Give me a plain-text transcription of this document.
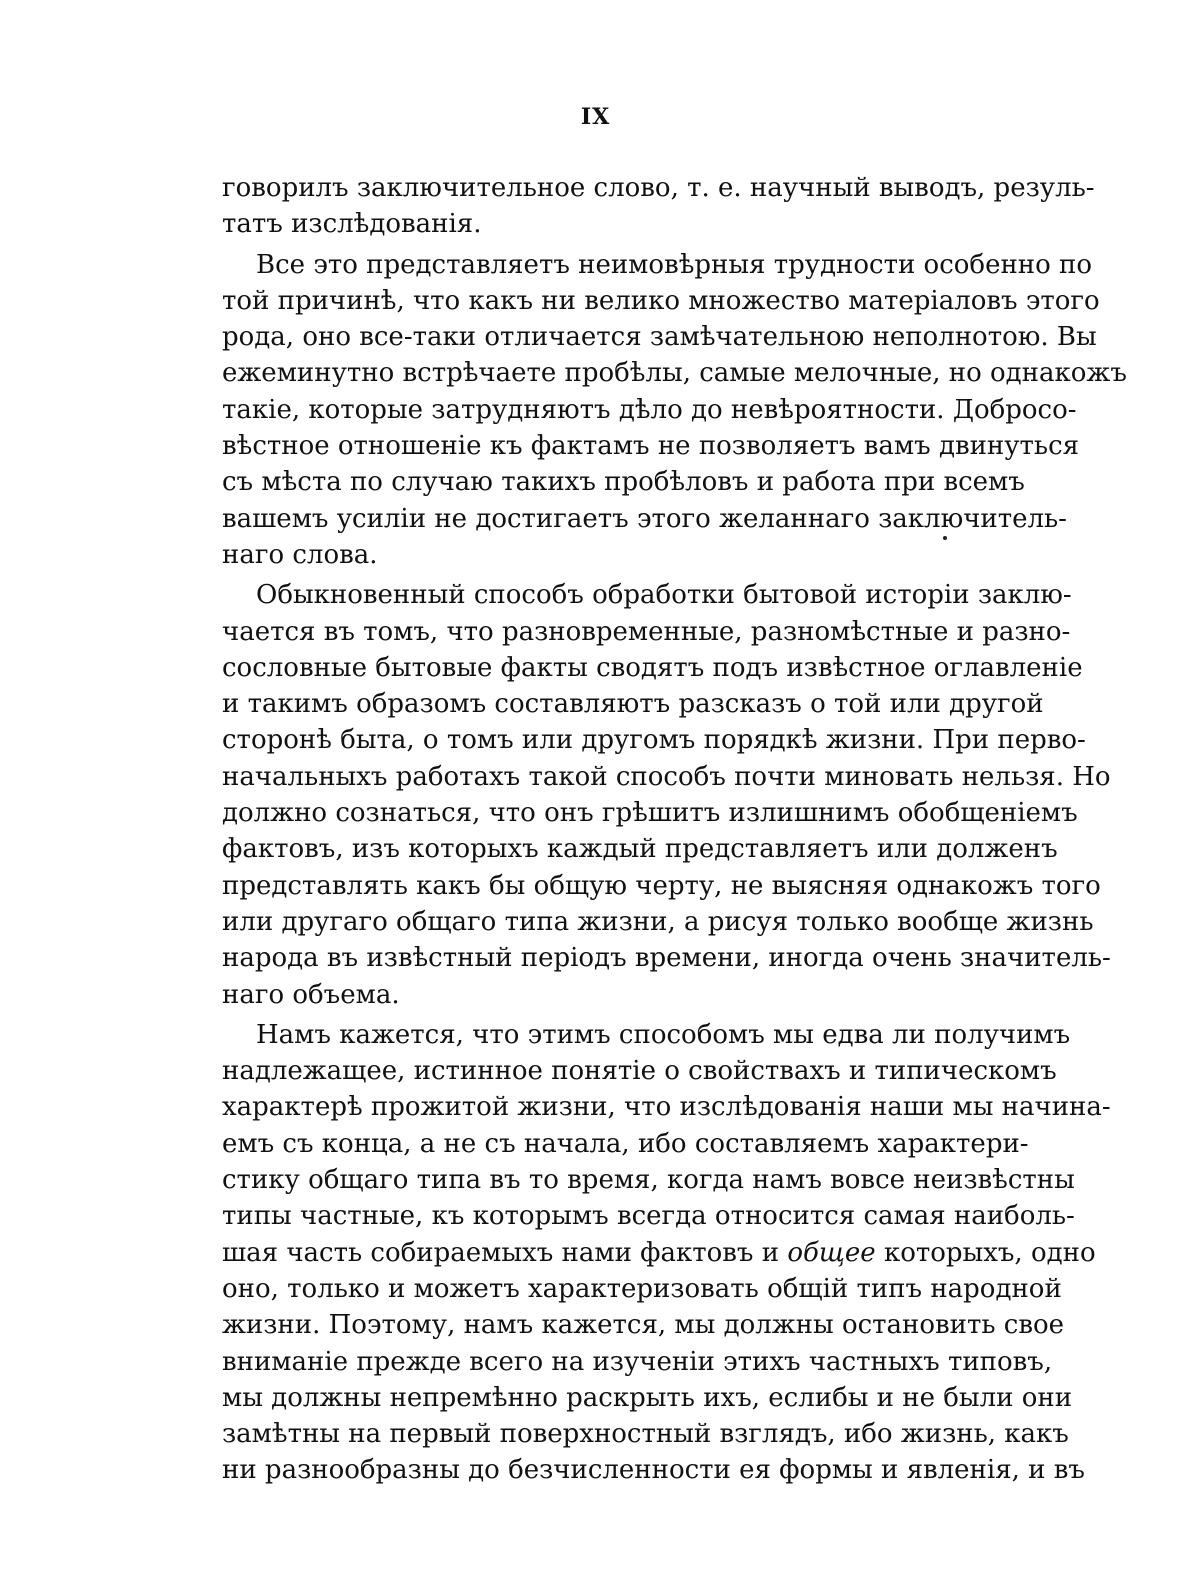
IX
говорилъ заключительное слово, т. е. научный выводъ, резуль-
татъ изслѣдованія.
Все это представляетъ неимовѣрныя трудности особенно по
той причинѣ, что какъ ни велико множество матеріаловъ этого
рода, оно все-таки отличается замѣчательною неполнотою. Вы
ежеминутно встрѣчаете пробѣлы, самые мелочные, но однакожъ
такіе, которые затрудняютъ дѣло до невѣроятности. Добросо-
вѣстное отношеніе къ фактамъ не позволяетъ вамъ двинуться
съ мѣста по случаю такихъ пробѣловъ и работа при всемъ
вашемъ усиліи не достигаетъ этого желаннаго заключитель-
наго слова.
Обыкновенный способъ обработки бытовой исторіи заклю-
чается въ томъ, что разновременные, разномѣстные и разно-
сословные бытовые факты сводятъ подъ извѣстное оглавленіе
и такимъ образомъ составляютъ разсказъ о той или другой
сторонѣ быта, о томъ или другомъ порядкѣ жизни. При перво-
начальныхъ работахъ такой способъ почти миновать нельзя. Но
должно сознаться, что онъ грѣшитъ излишнимъ обобщеніемъ
фактовъ, изъ которыхъ каждый представляетъ или долженъ
представлять какъ бы общую черту, не выясняя однакожъ того
или другаго общаго типа жизни, а рисуя только вообще жизнь
народа въ извѣстный періодъ времени, иногда очень значитель-
наго объема.
Намъ кажется, что этимъ способомъ мы едва ли получимъ
надлежащее, истинное понятіе о свойствахъ и типическомъ
характерѣ прожитой жизни, что изслѣдованія наши мы начина-
емъ съ конца, а не съ начала, ибо составляемъ характери-
стику общаго типа въ то время, когда намъ вовсе неизвѣстны
типы частные, къ которымъ всегда относится самая наиболь-
шая часть собираемыхъ нами фактовъ и общее которыхъ, одно
оно, только и можетъ характеризовать общій типъ народной
жизни. Поэтому, намъ кажется, мы должны остановить свое
вниманіе прежде всего на изученіи этихъ частныхъ типовъ,
мы должны непремѣнно раскрыть ихъ, еслибы и не были они
замѣтны на первый поверхностный взглядъ, ибо жизнь, какъ
ни разнообразны до безчисленности ея формы и явленія, и въ
